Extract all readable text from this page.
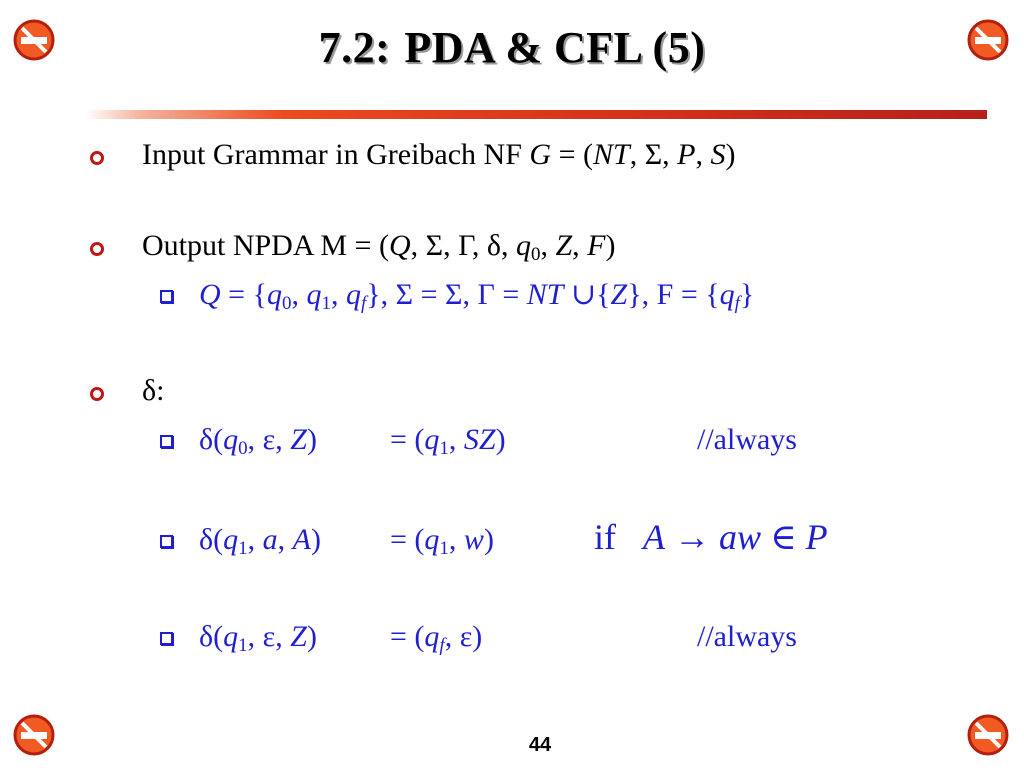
7.2: PDA & CFL (5)
Input Grammar in Greibach NF G = (NT, Σ, P, S)
Output NPDA M = (Q, Σ, Γ, δ, $q_0$, Z, F)
$Q = \{q_0$, $q_1$, $q_f$}, Σ = Σ, Γ = NT ∪{Z}, $F = \{q_f\}$
δ:
$\delta(q_0$, ε, $Z) = (q_1$, SZ)	//always
$\delta(q_1$, a, $A) = (q_1$, w)	if A → aw ∈ P
$\delta(q_1$, ε, $Z) = (q_f$, ε)	//always
44
